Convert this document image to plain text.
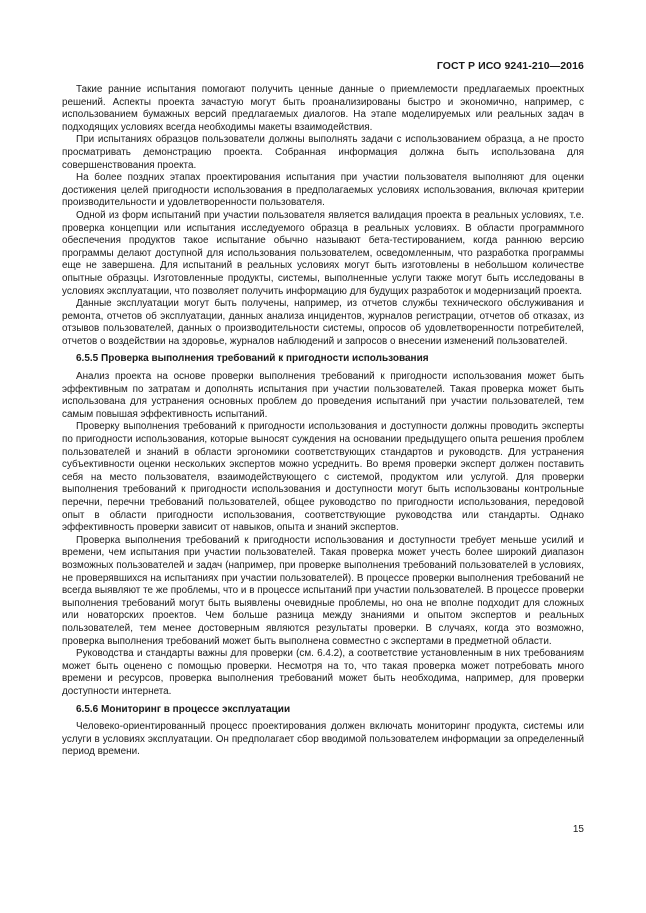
ГОСТ Р ИСО 9241-210—2016

Такие ранние испытания помогают получить ценные данные о приемлемости предлагаемых проектных решений. Аспекты проекта зачастую могут быть проанализированы быстро и экономично, например, с использованием бумажных версий предлагаемых диалогов. На этапе моделируемых или реальных задач в подходящих условиях всегда необходимы макеты взаимодействия.

При испытаниях образцов пользователи должны выполнять задачи с использованием образца, а не просто просматривать демонстрацию проекта. Собранная информация должна быть использована для совершенствования проекта.

На более поздних этапах проектирования испытания при участии пользователя выполняют для оценки достижения целей пригодности использования в предполагаемых условиях использования, включая критерии производительности и удовлетворенности пользователя.

Одной из форм испытаний при участии пользователя является валидация проекта в реальных условиях, т.е. проверка концепции или испытания исследуемого образца в реальных условиях. В области программного обеспечения продуктов такое испытание обычно называют бета-тестированием, когда раннюю версию программы делают доступной для использования пользователем, осведомленным, что разработка программы еще не завершена. Для испытаний в реальных условиях могут быть изготовлены в небольшом количестве опытные образцы. Изготовленные продукты, системы, выполненные услуги также могут быть исследованы в условиях эксплуатации, что позволяет получить информацию для будущих разработок и модернизаций проекта.

Данные эксплуатации могут быть получены, например, из отчетов службы технического обслуживания и ремонта, отчетов об эксплуатации, данных анализа инцидентов, журналов регистрации, отчетов об отказах, из отзывов пользователей, данных о производительности системы, опросов об удовлетворенности потребителей, отчетов о воздействии на здоровье, журналов наблюдений и запросов о внесении изменений пользователей.

6.5.5 Проверка выполнения требований к пригодности использования

Анализ проекта на основе проверки выполнения требований к пригодности использования может быть эффективным по затратам и дополнять испытания при участии пользователей. Такая проверка может быть использована для устранения основных проблем до проведения испытаний при участии пользователей, тем самым повышая эффективность испытаний.

Проверку выполнения требований к пригодности использования и доступности должны проводить эксперты по пригодности использования, которые выносят суждения на основании предыдущего опыта решения проблем пользователей и знаний в области эргономики соответствующих стандартов и руководств. Для устранения субъективности оценки нескольких экспертов можно усреднить. Во время проверки эксперт должен поставить себя на место пользователя, взаимодействующего с системой, продуктом или услугой. Для проверки выполнения требований к пригодности использования и доступности могут быть использованы контрольные перечни, перечни требований пользователей, общее руководство по пригодности использования, передовой опыт в области пригодности использования, соответствующие руководства или стандарты. Однако эффективность проверки зависит от навыков, опыта и знаний экспертов.

Проверка выполнения требований к пригодности использования и доступности требует меньше усилий и времени, чем испытания при участии пользователей. Такая проверка может учесть более широкий диапазон возможных пользователей и задач (например, при проверке выполнения требований пользователей в условиях, не проверявшихся на испытаниях при участии пользователей). В процессе проверки выполнения требований не всегда выявляют те же проблемы, что и в процессе испытаний при участии пользователей. В процессе проверки выполнения требований могут быть выявлены очевидные проблемы, но она не вполне подходит для сложных или новаторских проектов. Чем больше разница между знаниями и опытом экспертов и реальных пользователей, тем менее достоверным являются результаты проверки. В случаях, когда это возможно, проверка выполнения требований может быть выполнена совместно с экспертами в предметной области.

Руководства и стандарты важны для проверки (см. 6.4.2), а соответствие установленным в них требованиям может быть оценено с помощью проверки. Несмотря на то, что такая проверка может потребовать много времени и ресурсов, проверка выполнения требований может быть необходима, например, для проверки доступности интернета.

6.5.6 Мониторинг в процессе эксплуатации

Человеко-ориентированный процесс проектирования должен включать мониторинг продукта, системы или услуги в условиях эксплуатации. Он предполагает сбор вводимой пользователем информации за определенный период времени.

15
